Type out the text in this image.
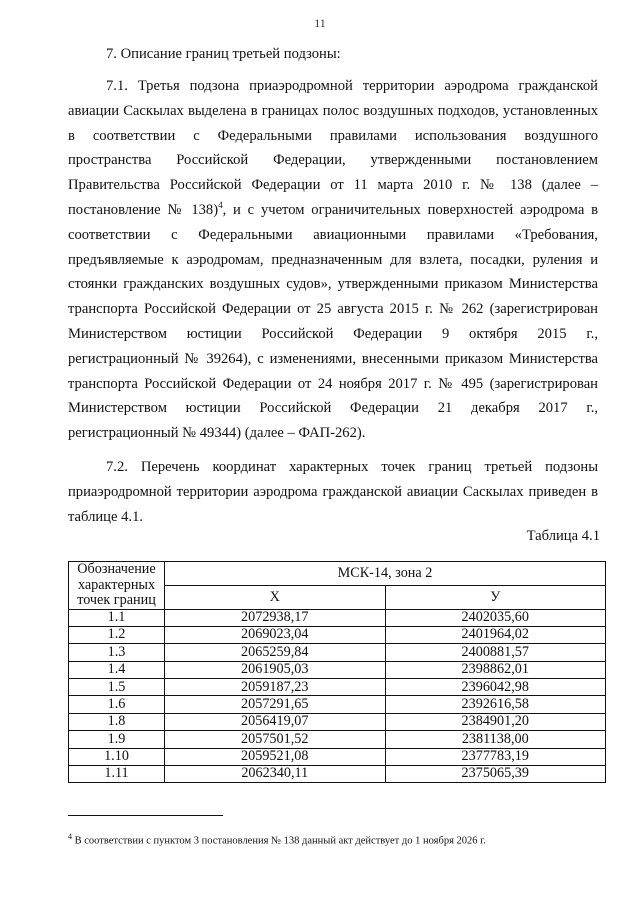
11
7. Описание границ третьей подзоны:
7.1. Третья подзона приаэродромной территории аэродрома гражданской авиации Саскылах выделена в границах полос воздушных подходов, установленных в соответствии с Федеральными правилами использования воздушного пространства Российской Федерации, утвержденными постановлением Правительства Российской Федерации от 11 марта 2010 г. № 138 (далее – постановление № 138)$^4$, и с учетом ограничительных поверхностей аэродрома в соответствии с Федеральными авиационными правилами «Требования, предъявляемые к аэродромам, предназначенным для взлета, посадки, руления и стоянки гражданских воздушных судов», утвержденными приказом Министерства транспорта Российской Федерации от 25 августа 2015 г. № 262 (зарегистрирован Министерством юстиции Российской Федерации 9 октября 2015 г., регистрационный № 39264), с изменениями, внесенными приказом Министерства транспорта Российской Федерации от 24 ноября 2017 г. № 495 (зарегистрирован Министерством юстиции Российской Федерации 21 декабря 2017 г., регистрационный № 49344) (далее – ФАП-262).
7.2. Перечень координат характерных точек границ третьей подзоны приаэродромной территории аэродрома гражданской авиации Саскылах приведен в таблице 4.1.
Таблица 4.1
Обозначение характерных точек границ	МСК-14, зона 2	
	X	У
1.1	2072938,17	2402035,60
1.2	2069023,04	2401964,02
1.3	2065259,84	2400881,57
1.4	2061905,03	2398862,01
1.5	2059187,23	2396042,98
1.6	2057291,65	2392616,58
1.8	2056419,07	2384901,20
1.9	2057501,52	2381138,00
1.10	2059521,08	2377783,19
1.11	2062340,11	2375065,39
$^4$ В соответствии с пунктом 3 постановления № 138 данный акт действует до 1 ноября 2026 г.
